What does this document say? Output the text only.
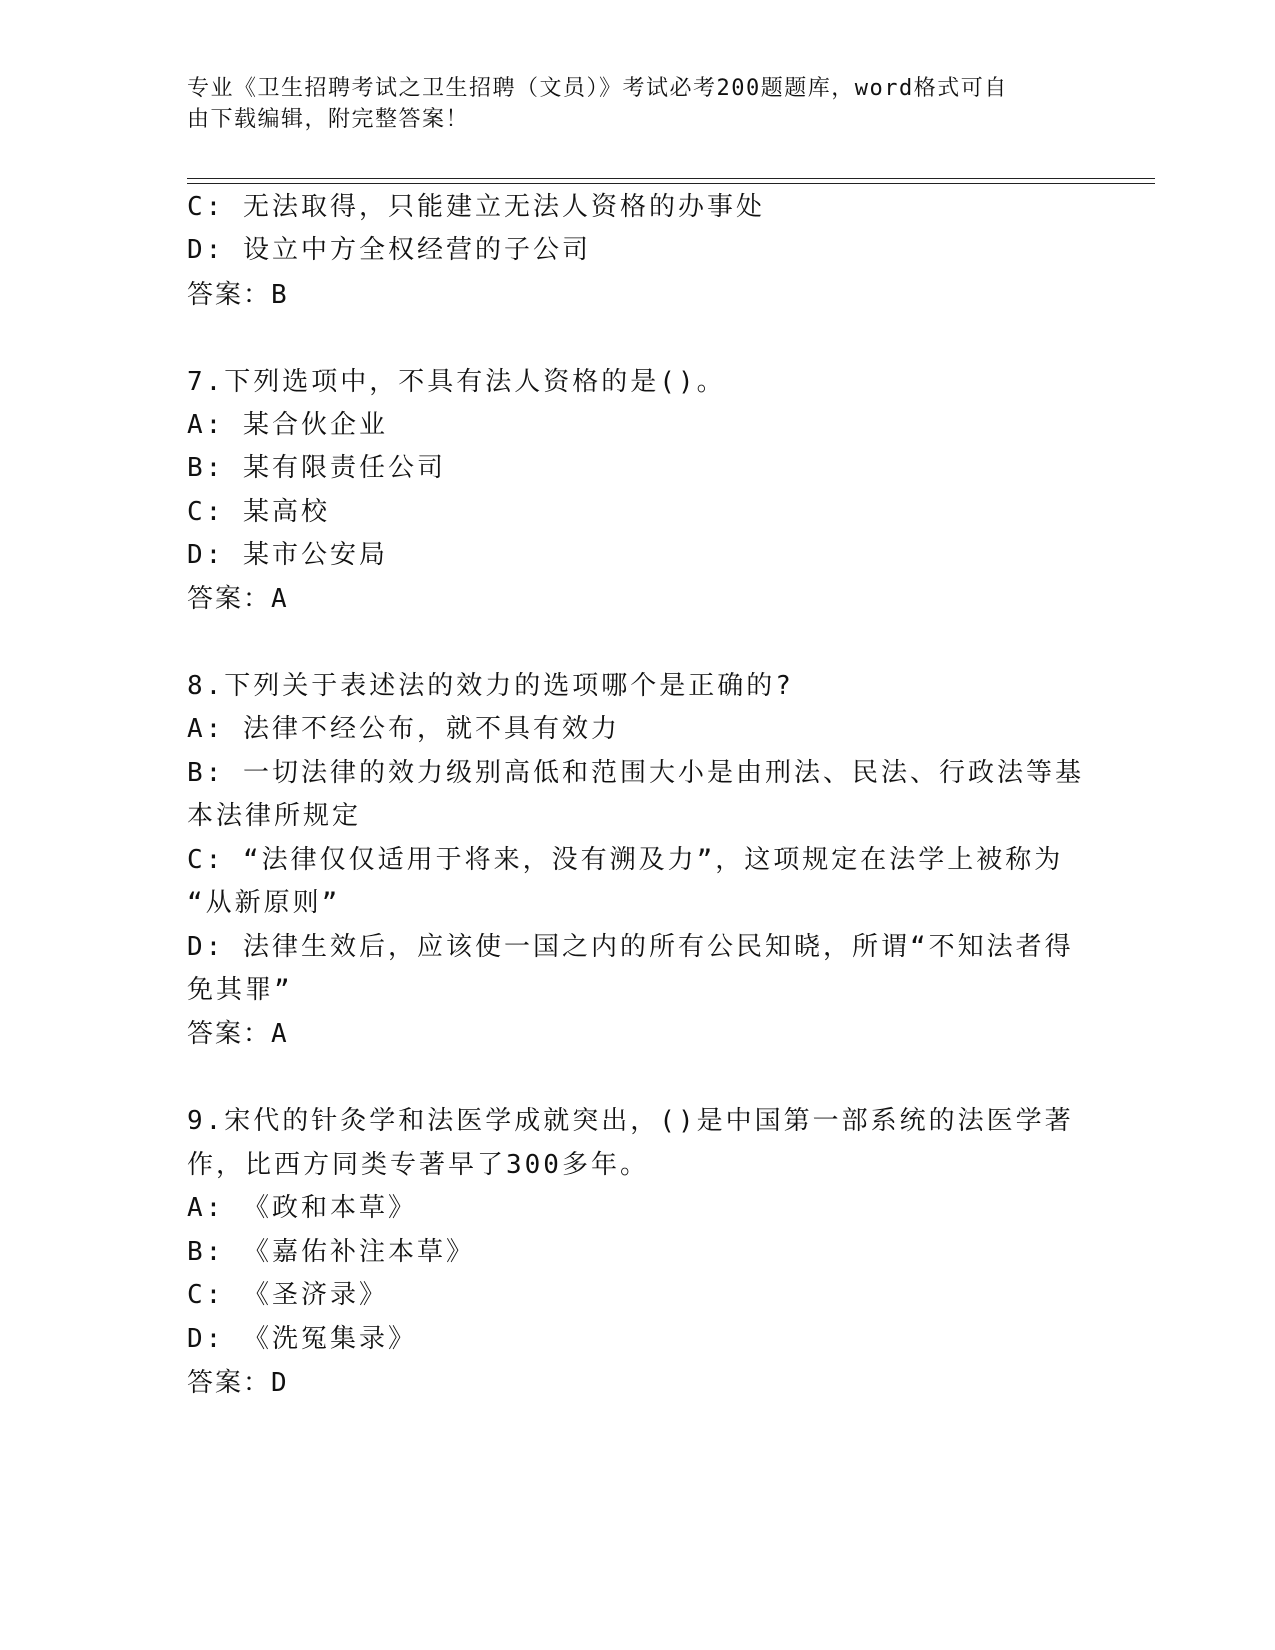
专业《卫生招聘考试之卫生招聘（文员）》考试必考200题题库，word格式可自
由下载编辑，附完整答案！
C: 无法取得，只能建立无法人资格的办事处
D: 设立中方全权经营的子公司
答案：B
7.下列选项中，不具有法人资格的是()。
A: 某合伙企业
B: 某有限责任公司
C: 某高校
D: 某市公安局
答案：A
8.下列关于表述法的效力的选项哪个是正确的?
A: 法律不经公布，就不具有效力
B: 一切法律的效力级别高低和范围大小是由刑法、民法、行政法等基
本法律所规定
C: “法律仅仅适用于将来，没有溯及力”，这项规定在法学上被称为
“从新原则”
D: 法律生效后，应该使一国之内的所有公民知晓，所谓“不知法者得
免其罪”
答案：A
9.宋代的针灸学和法医学成就突出，()是中国第一部系统的法医学著
作，比西方同类专著早了300多年。
A: 《政和本草》
B: 《嘉佑补注本草》
C: 《圣济录》
D: 《洗冤集录》
答案：D
